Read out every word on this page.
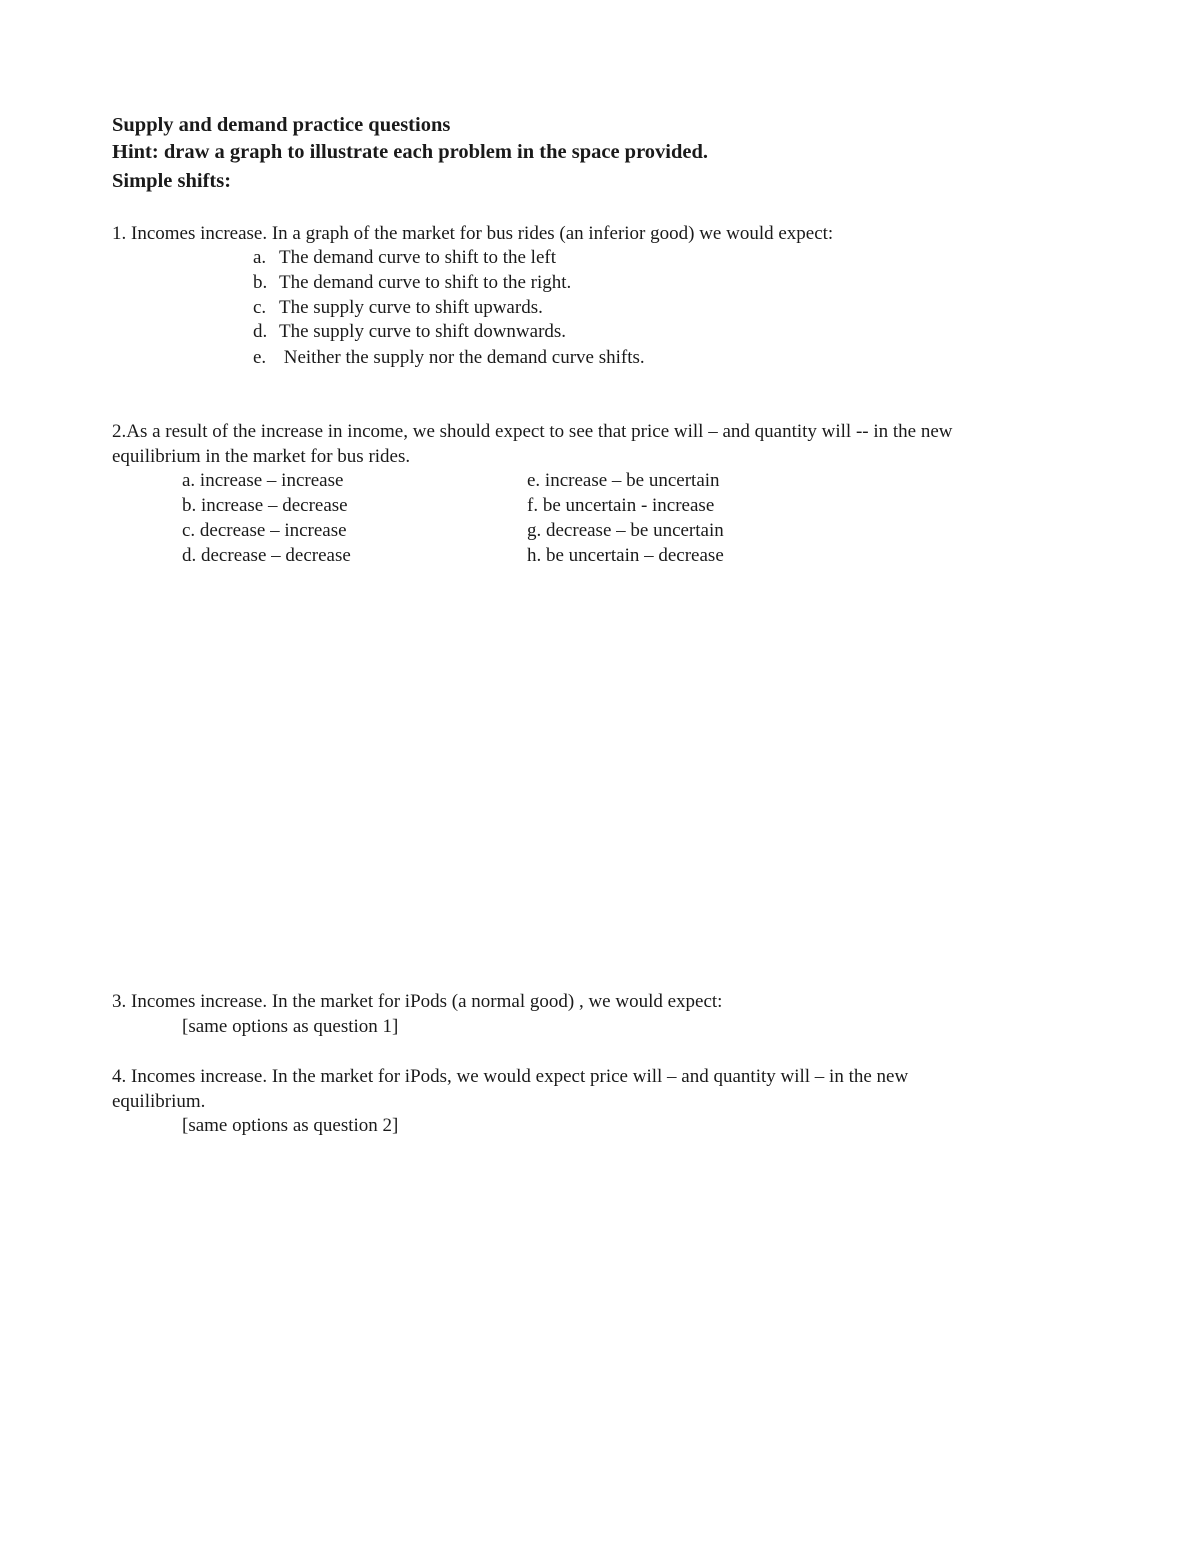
Supply and demand practice questions
Hint: draw a graph to illustrate each problem in the space provided.
Simple shifts:
1. Incomes increase. In a graph of the market for bus rides (an inferior good) we would expect:
a. The demand curve to shift to the left
b. The demand curve to shift to the right.
c. The supply curve to shift upwards.
d. The supply curve to shift downwards.
e. Neither the supply nor the demand curve shifts.
2.As a result of the increase in income, we should expect to see that price will – and quantity will -- in the new
equilibrium in the market for bus rides.
a. increase – increase
b. increase – decrease
c. decrease – increase
d. decrease – decrease
e. increase – be uncertain
f. be uncertain - increase
g. decrease – be uncertain
h. be uncertain – decrease
3. Incomes increase. In the market for iPods (a normal good) , we would expect:
[same options as question 1]
4. Incomes increase. In the market for iPods, we would expect price will – and quantity will – in the new
equilibrium.
[same options as question 2]
